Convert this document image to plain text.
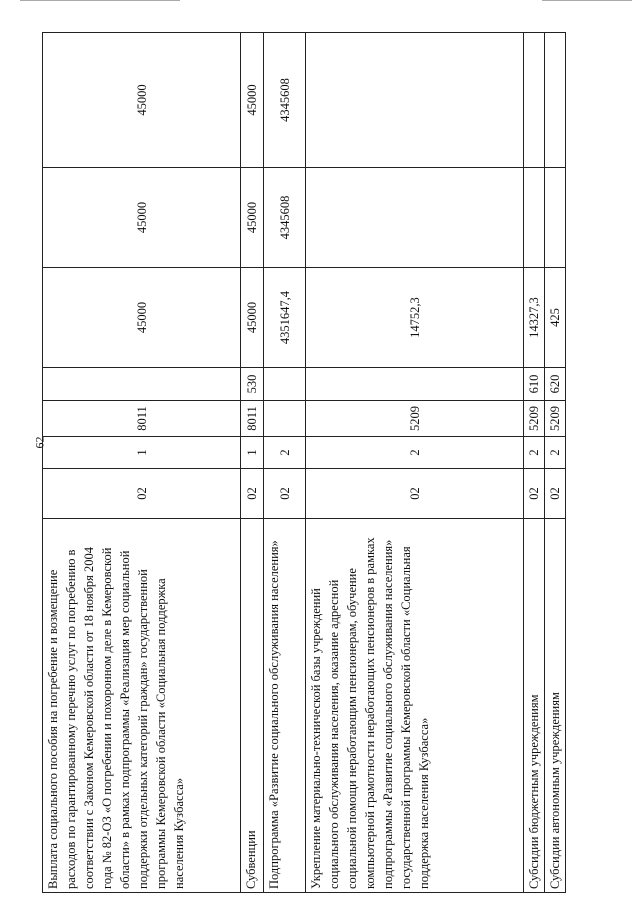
62
Выплата социального пособия на погребение и возмещение расходов по гарантированному перечню услуг по погребению в соответствии с Законом Кемеровской области от 18 ноября 2004 года № 82-ОЗ «О погребении и похоронном деле в Кемеровской области» в рамках подпрограммы «Реализация мер социальной поддержки отдельных категорий граждан» государственной программы Кемеровской области «Социальная поддержка населения Кузбасса»	02	1	8011		45000	45000	45000
Субвенции	02	1	8011	530	45000	45000	45000
Подпрограмма «Развитие социального обслуживания населения»	02	2			4351647,4	4345608	4345608
Укрепление материально-технической базы учреждений социального обслуживания населения, оказание адресной социальной помощи неработающим пенсионерам, обучение компьютерной грамотности неработающих пенсионеров в рамках подпрограммы «Развитие социального обслуживания населения» государственной программы Кемеровской области «Социальная поддержка населения Кузбасса»	02	2	5209		14752,3		
Субсидии бюджетным учреждениям	02	2	5209	610	14327,3		
Субсидии автономным учреждениям	02	2	5209	620	425		
